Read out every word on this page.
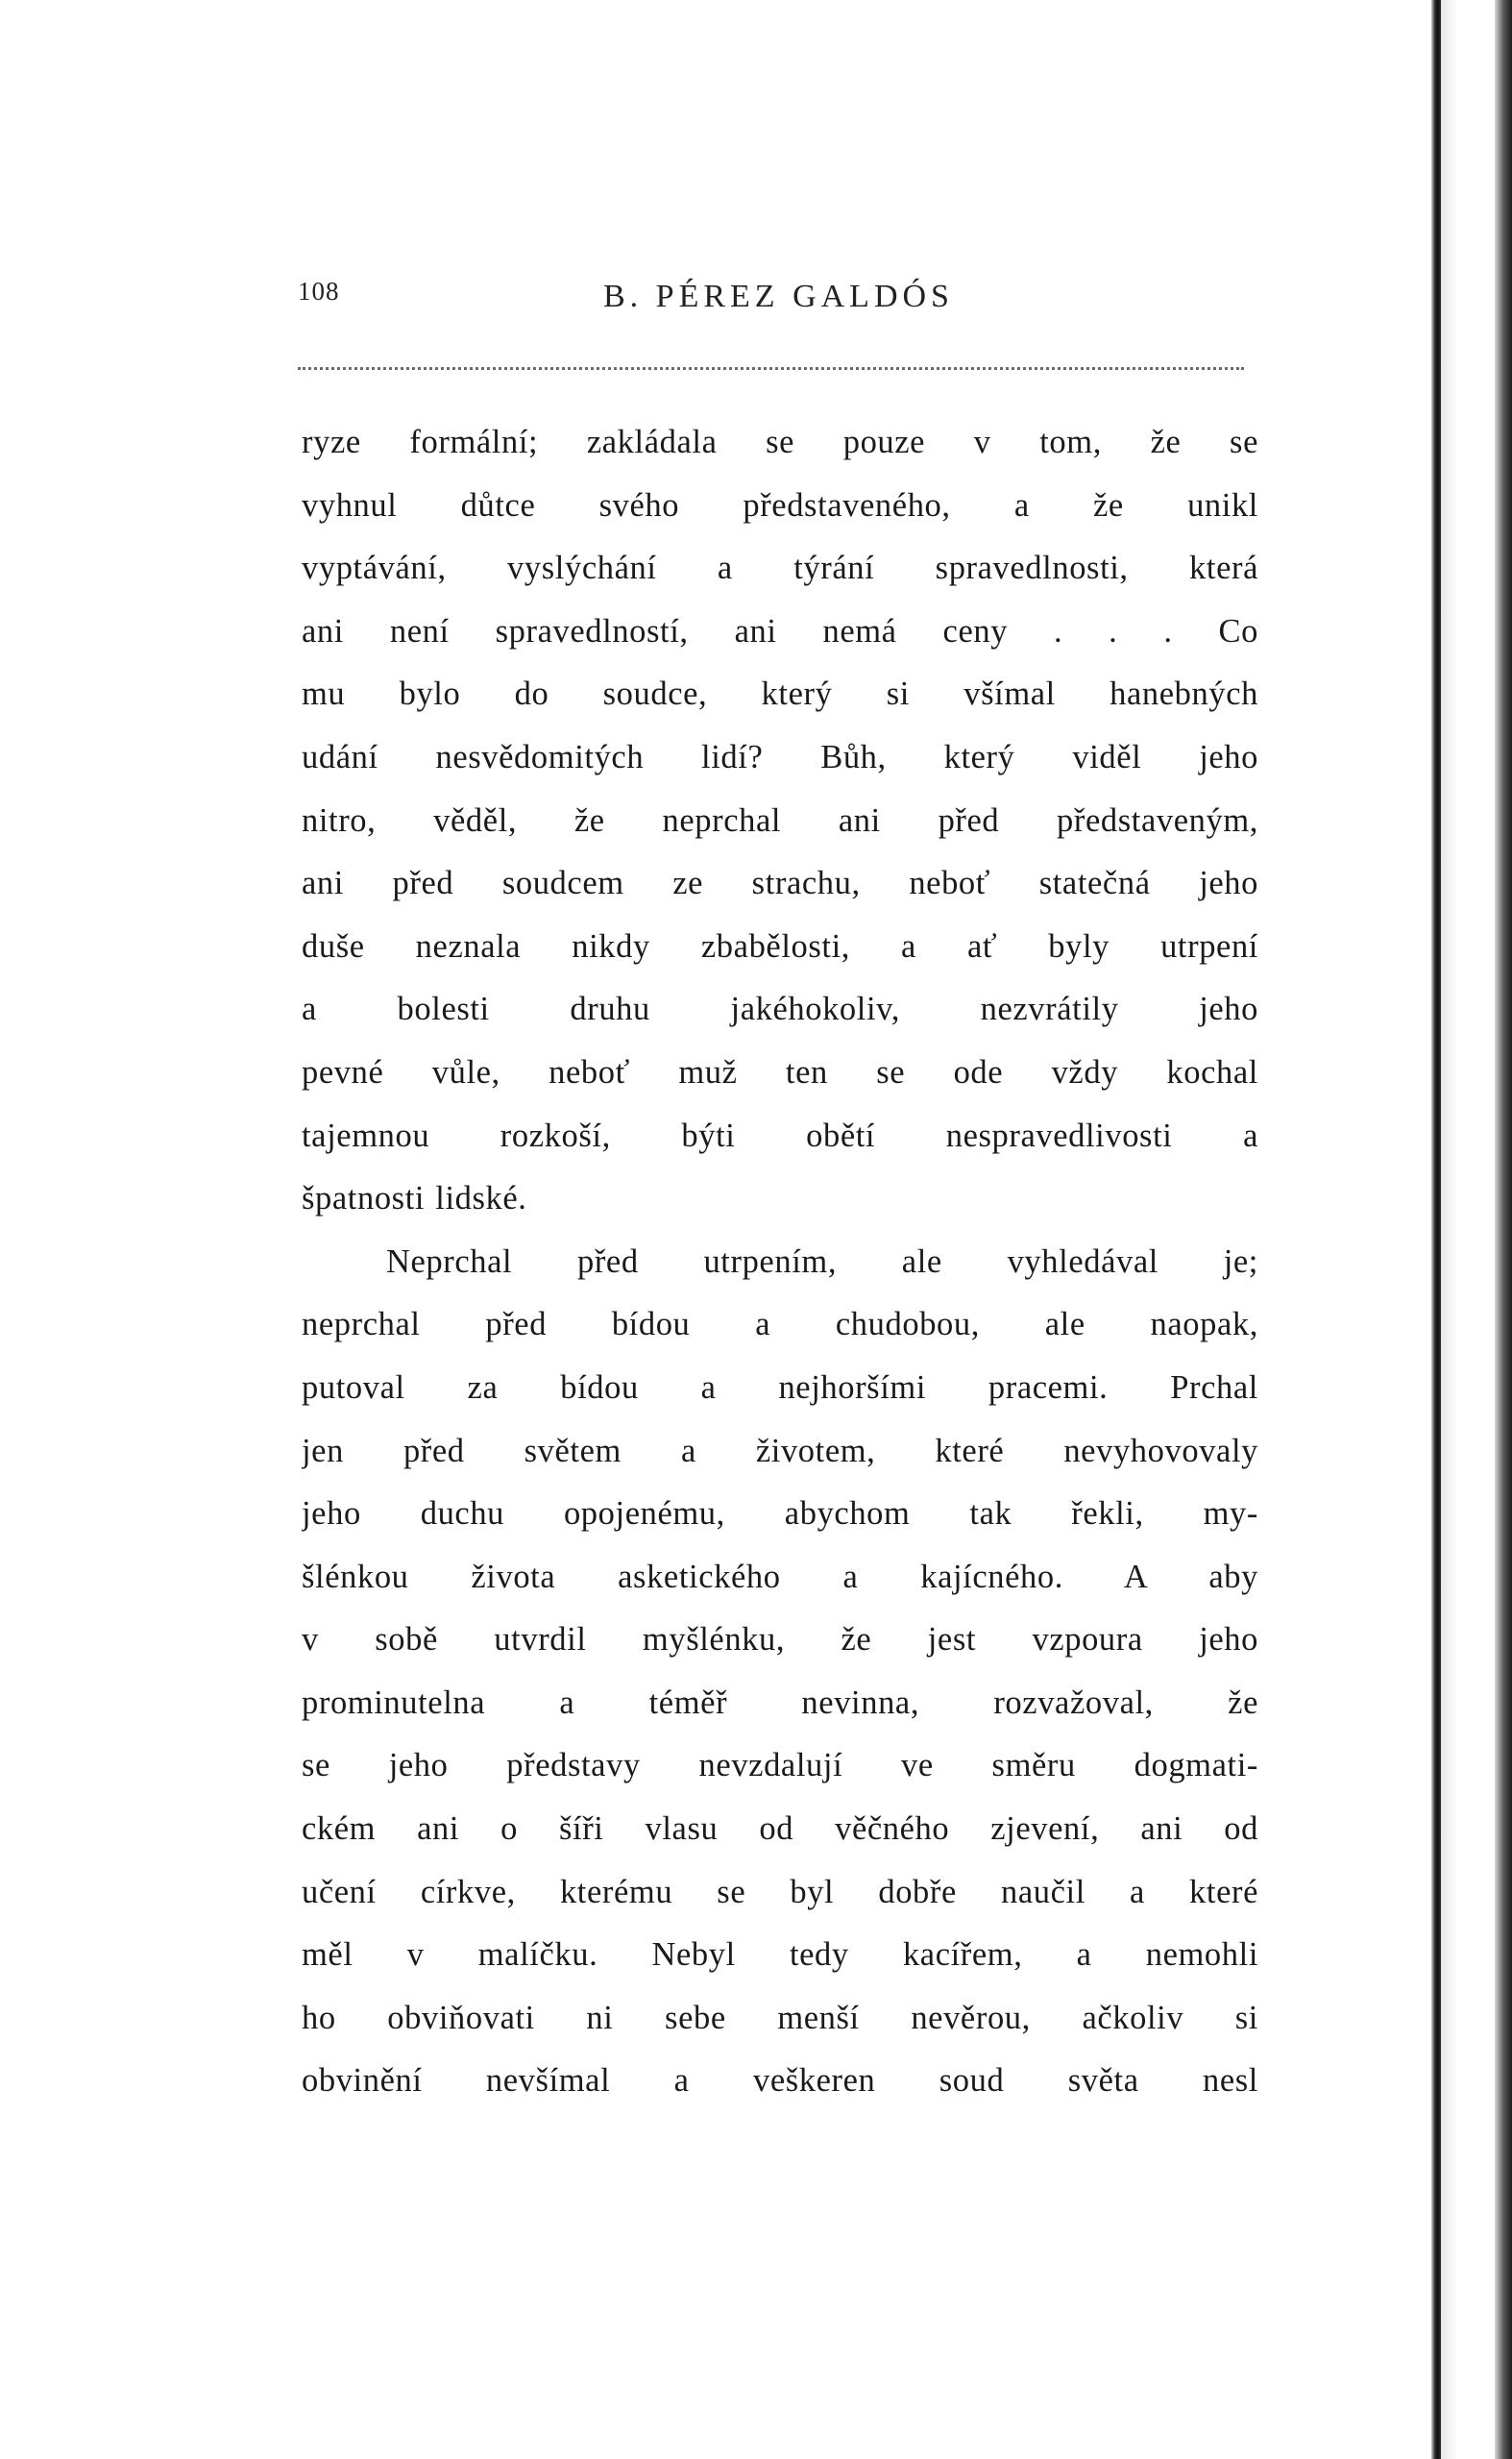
108	B. PÉREZ GALDÓS
ryze formální; zakládala se pouze v tom, že se
vyhnul důtce svého představeného, a že unikl
vyptávání, vyslýchání a týrání spravedlnosti, která
ani není spravedlností, ani nemá ceny . . . Co
mu bylo do soudce, který si všímal hanebných
udání nesvědomitých lidí? Bůh, který viděl jeho
nitro, věděl, že neprchal ani před představeným,
ani před soudcem ze strachu, neboť statečná jeho
duše neznala nikdy zbabělosti, a ať byly utrpení
a bolesti druhu jakéhokoliv, nezvrátily jeho
pevné vůle, neboť muž ten se ode vždy kochal
tajemnou rozkoší, býti obětí nespravedlivosti a
špatnosti lidské.
Neprchal před utrpením, ale vyhledával je;
neprchal před bídou a chudobou, ale naopak,
putoval za bídou a nejhoršími pracemi. Prchal
jen před světem a životem, které nevyhovovaly
jeho duchu opojenému, abychom tak řekli, my-
šlénkou života asketického a kajícného. A aby
v sobě utvrdil myšlénku, že jest vzpoura jeho
prominutelna a téměř nevinna, rozvažoval, že
se jeho představy nevzdalují ve směru dogmati-
ckém ani o šíři vlasu od věčného zjevení, ani od
učení církve, kterému se byl dobře naučil a které
měl v malíčku. Nebyl tedy kacířem, a nemohli
ho obviňovati ni sebe menší nevěrou, ačkoliv si
obvinění nevšímal a veškeren soud světa nesl
